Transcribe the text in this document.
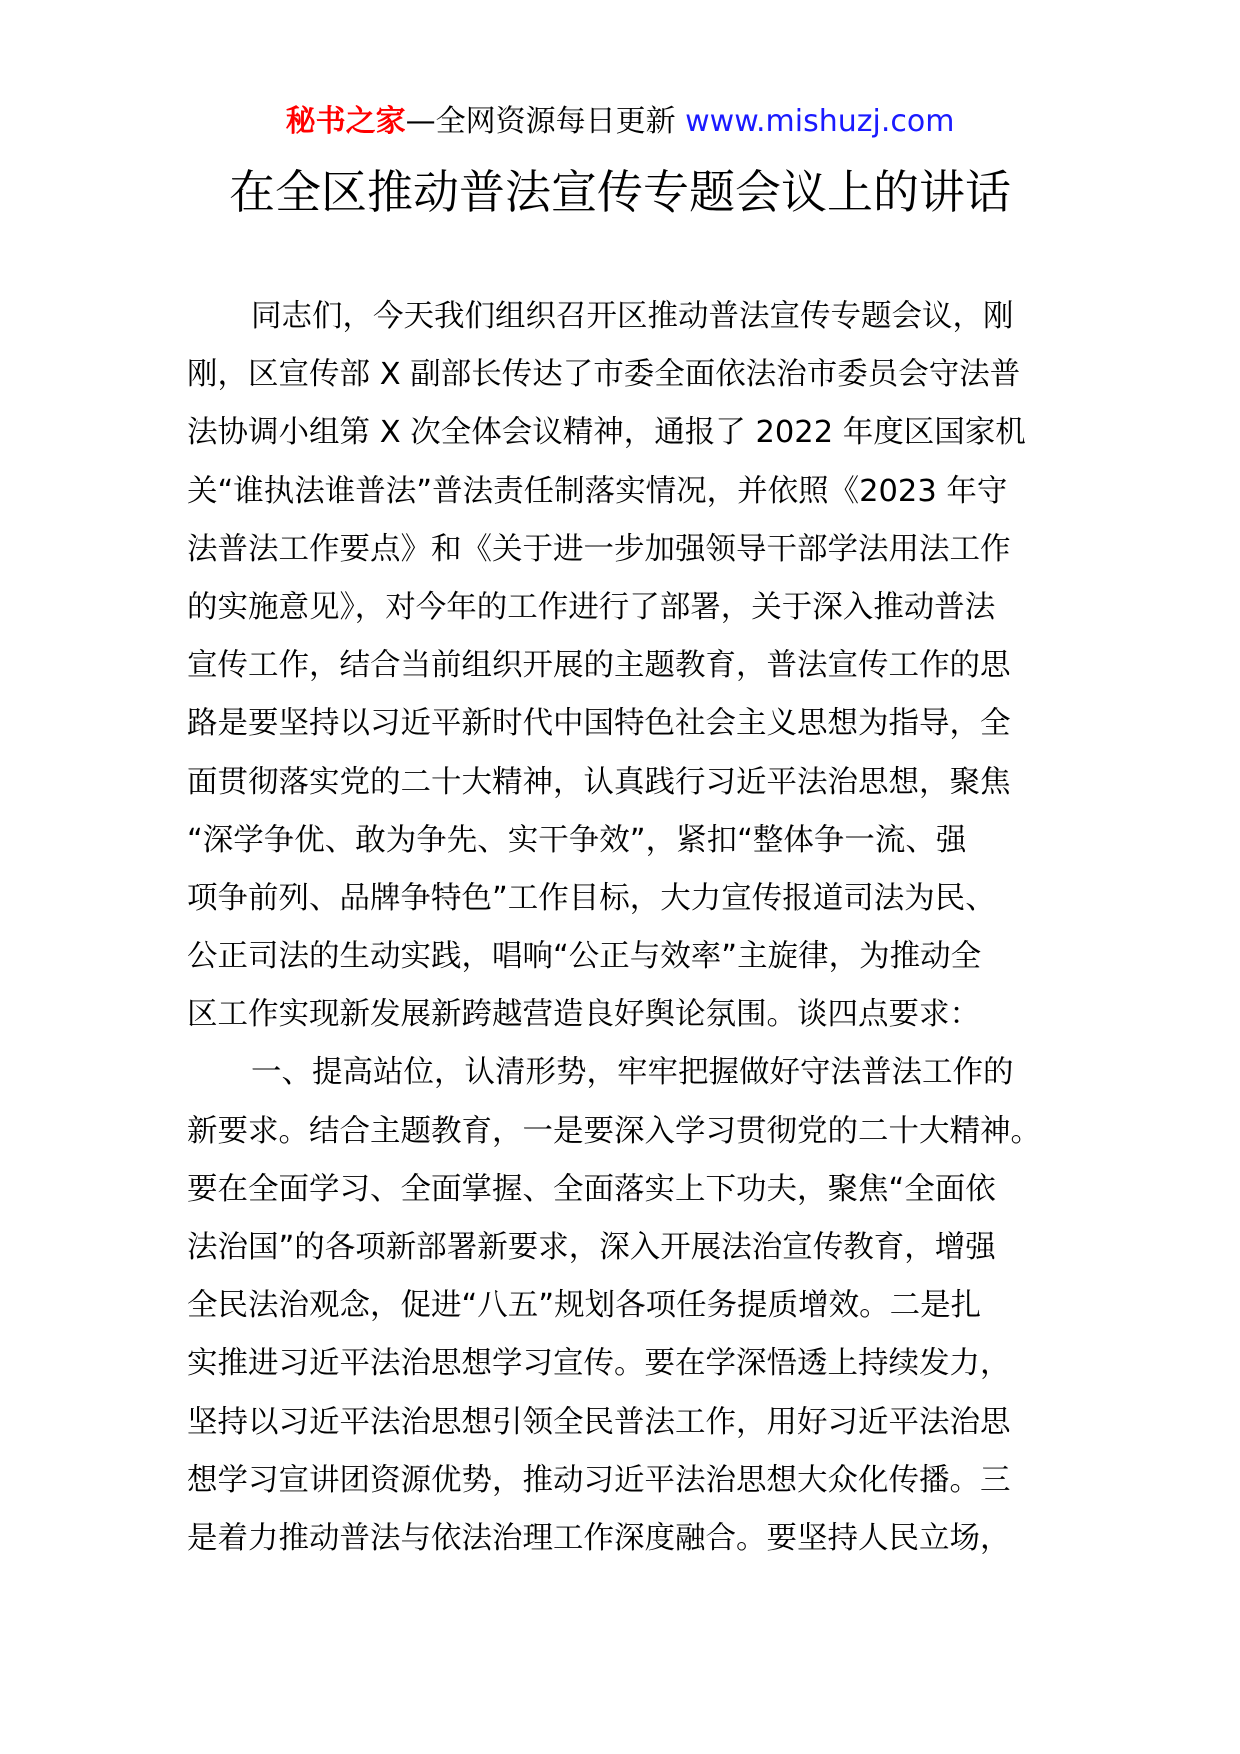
秘书之家—全网资源每日更新 www.mishuzj.com
在全区推动普法宣传专题会议上的讲话
同志们，今天我们组织召开区推动普法宣传专题会议，刚
刚，区宣传部 X 副部长传达了市委全面依法治市委员会守法普
法协调小组第 X 次全体会议精神，通报了 2022 年度区国家机
关“谁执法谁普法”普法责任制落实情况，并依照《2023 年守
法普法工作要点》和《关于进一步加强领导干部学法用法工作
的实施意见》，对今年的工作进行了部署，关于深入推动普法
宣传工作，结合当前组织开展的主题教育，普法宣传工作的思
路是要坚持以习近平新时代中国特色社会主义思想为指导，全
面贯彻落实党的二十大精神，认真践行习近平法治思想，聚焦
“深学争优、敢为争先、实干争效”，紧扣“整体争一流、强
项争前列、品牌争特色”工作目标，大力宣传报道司法为民、
公正司法的生动实践，唱响“公正与效率”主旋律，为推动全
区工作实现新发展新跨越营造良好舆论氛围。谈四点要求：
一、提高站位，认清形势，牢牢把握做好守法普法工作的
新要求。结合主题教育，一是要深入学习贯彻党的二十大精神。
要在全面学习、全面掌握、全面落实上下功夫，聚焦“全面依
法治国”的各项新部署新要求，深入开展法治宣传教育，增强
全民法治观念，促进“八五”规划各项任务提质增效。二是扎
实推进习近平法治思想学习宣传。要在学深悟透上持续发力，
坚持以习近平法治思想引领全民普法工作，用好习近平法治思
想学习宣讲团资源优势，推动习近平法治思想大众化传播。三
是着力推动普法与依法治理工作深度融合。要坚持人民立场，
